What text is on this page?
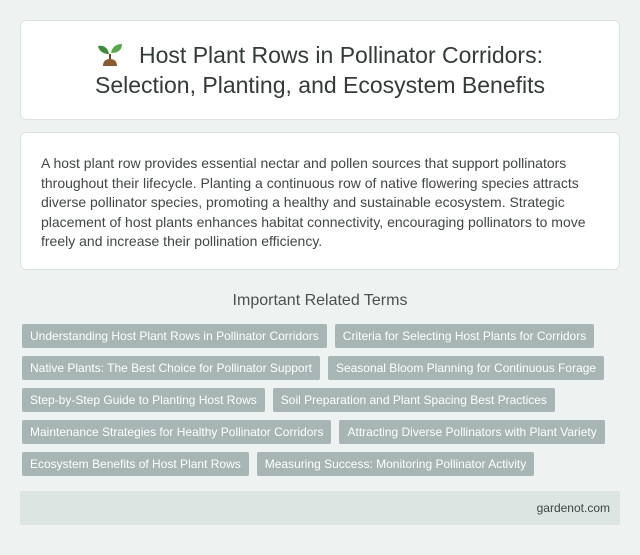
Host Plant Rows in Pollinator Corridors: Selection, Planting, and Ecosystem Benefits

A host plant row provides essential nectar and pollen sources that support pollinators throughout their lifecycle. Planting a continuous row of native flowering species attracts diverse pollinator species, promoting a healthy and sustainable ecosystem. Strategic placement of host plants enhances habitat connectivity, encouraging pollinators to move freely and increase their pollination efficiency.

Important Related Terms
Understanding Host Plant Rows in Pollinator Corridors	Criteria for Selecting Host Plants for Corridors
Native Plants: The Best Choice for Pollinator Support	Seasonal Bloom Planning for Continuous Forage
Step-by-Step Guide to Planting Host Rows	Soil Preparation and Plant Spacing Best Practices
Maintenance Strategies for Healthy Pollinator Corridors	Attracting Diverse Pollinators with Plant Variety
Ecosystem Benefits of Host Plant Rows	Measuring Success: Monitoring Pollinator Activity
gardenot.com
